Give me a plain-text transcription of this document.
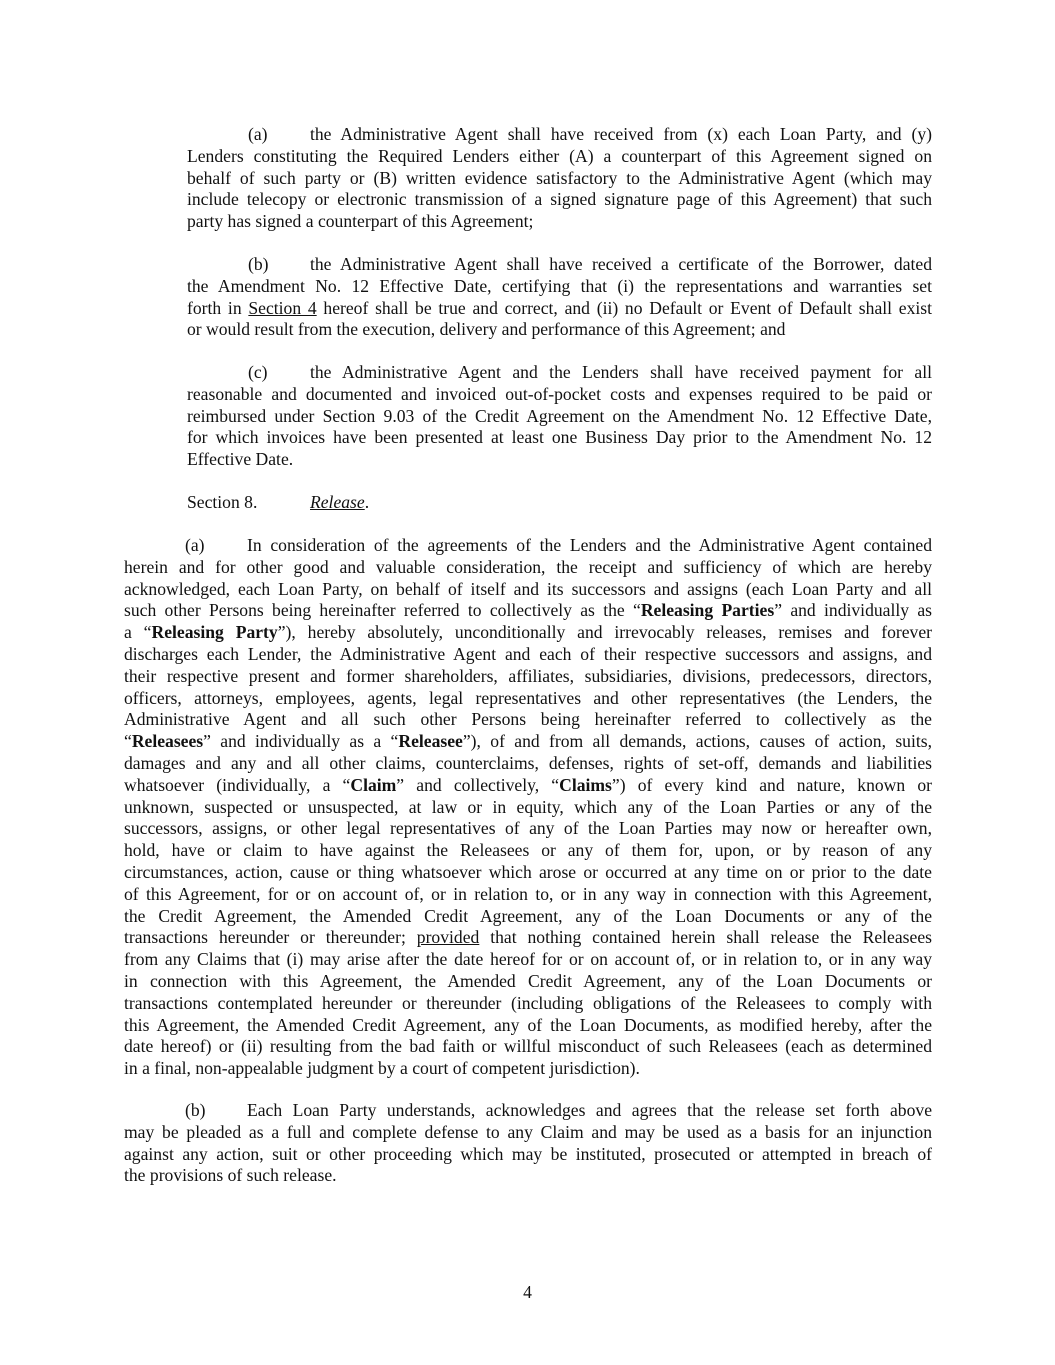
(a) the Administrative Agent shall have received from (x) each Loan Party, and (y)
Lenders constituting the Required Lenders either (A) a counterpart of this Agreement signed on
behalf of such party or (B) written evidence satisfactory to the Administrative Agent (which may
include telecopy or electronic transmission of a signed signature page of this Agreement) that such
party has signed a counterpart of this Agreement;
(b) the Administrative Agent shall have received a certificate of the Borrower, dated
the Amendment No. 12 Effective Date, certifying that (i) the representations and warranties set
forth in Section 4 hereof shall be true and correct, and (ii) no Default or Event of Default shall exist
or would result from the execution, delivery and performance of this Agreement; and
(c) the Administrative Agent and the Lenders shall have received payment for all
reasonable and documented and invoiced out-of-pocket costs and expenses required to be paid or
reimbursed under Section 9.03 of the Credit Agreement on the Amendment No. 12 Effective Date,
for which invoices have been presented at least one Business Day prior to the Amendment No. 12
Effective Date.
Section 8.	Release.
(a) In consideration of the agreements of the Lenders and the Administrative Agent contained
herein and for other good and valuable consideration, the receipt and sufficiency of which are hereby
acknowledged, each Loan Party, on behalf of itself and its successors and assigns (each Loan Party and all
such other Persons being hereinafter referred to collectively as the “Releasing Parties” and individually as
a “Releasing Party”), hereby absolutely, unconditionally and irrevocably releases, remises and forever
discharges each Lender, the Administrative Agent and each of their respective successors and assigns, and
their respective present and former shareholders, affiliates, subsidiaries, divisions, predecessors, directors,
officers, attorneys, employees, agents, legal representatives and other representatives (the Lenders, the
Administrative Agent and all such other Persons being hereinafter referred to collectively as the
“Releasees” and individually as a “Releasee”), of and from all demands, actions, causes of action, suits,
damages and any and all other claims, counterclaims, defenses, rights of set-off, demands and liabilities
whatsoever (individually, a “Claim” and collectively, “Claims”) of every kind and nature, known or
unknown, suspected or unsuspected, at law or in equity, which any of the Loan Parties or any of the
successors, assigns, or other legal representatives of any of the Loan Parties may now or hereafter own,
hold, have or claim to have against the Releasees or any of them for, upon, or by reason of any
circumstances, action, cause or thing whatsoever which arose or occurred at any time on or prior to the date
of this Agreement, for or on account of, or in relation to, or in any way in connection with this Agreement,
the Credit Agreement, the Amended Credit Agreement, any of the Loan Documents or any of the
transactions hereunder or thereunder; provided that nothing contained herein shall release the Releasees
from any Claims that (i) may arise after the date hereof for or on account of, or in relation to, or in any way
in connection with this Agreement, the Amended Credit Agreement, any of the Loan Documents or
transactions contemplated hereunder or thereunder (including obligations of the Releasees to comply with
this Agreement, the Amended Credit Agreement, any of the Loan Documents, as modified hereby, after the
date hereof) or (ii) resulting from the bad faith or willful misconduct of such Releasees (each as determined
in a final, non-appealable judgment by a court of competent jurisdiction).
(b) Each Loan Party understands, acknowledges and agrees that the release set forth above
may be pleaded as a full and complete defense to any Claim and may be used as a basis for an injunction
against any action, suit or other proceeding which may be instituted, prosecuted or attempted in breach of
the provisions of such release.
4
